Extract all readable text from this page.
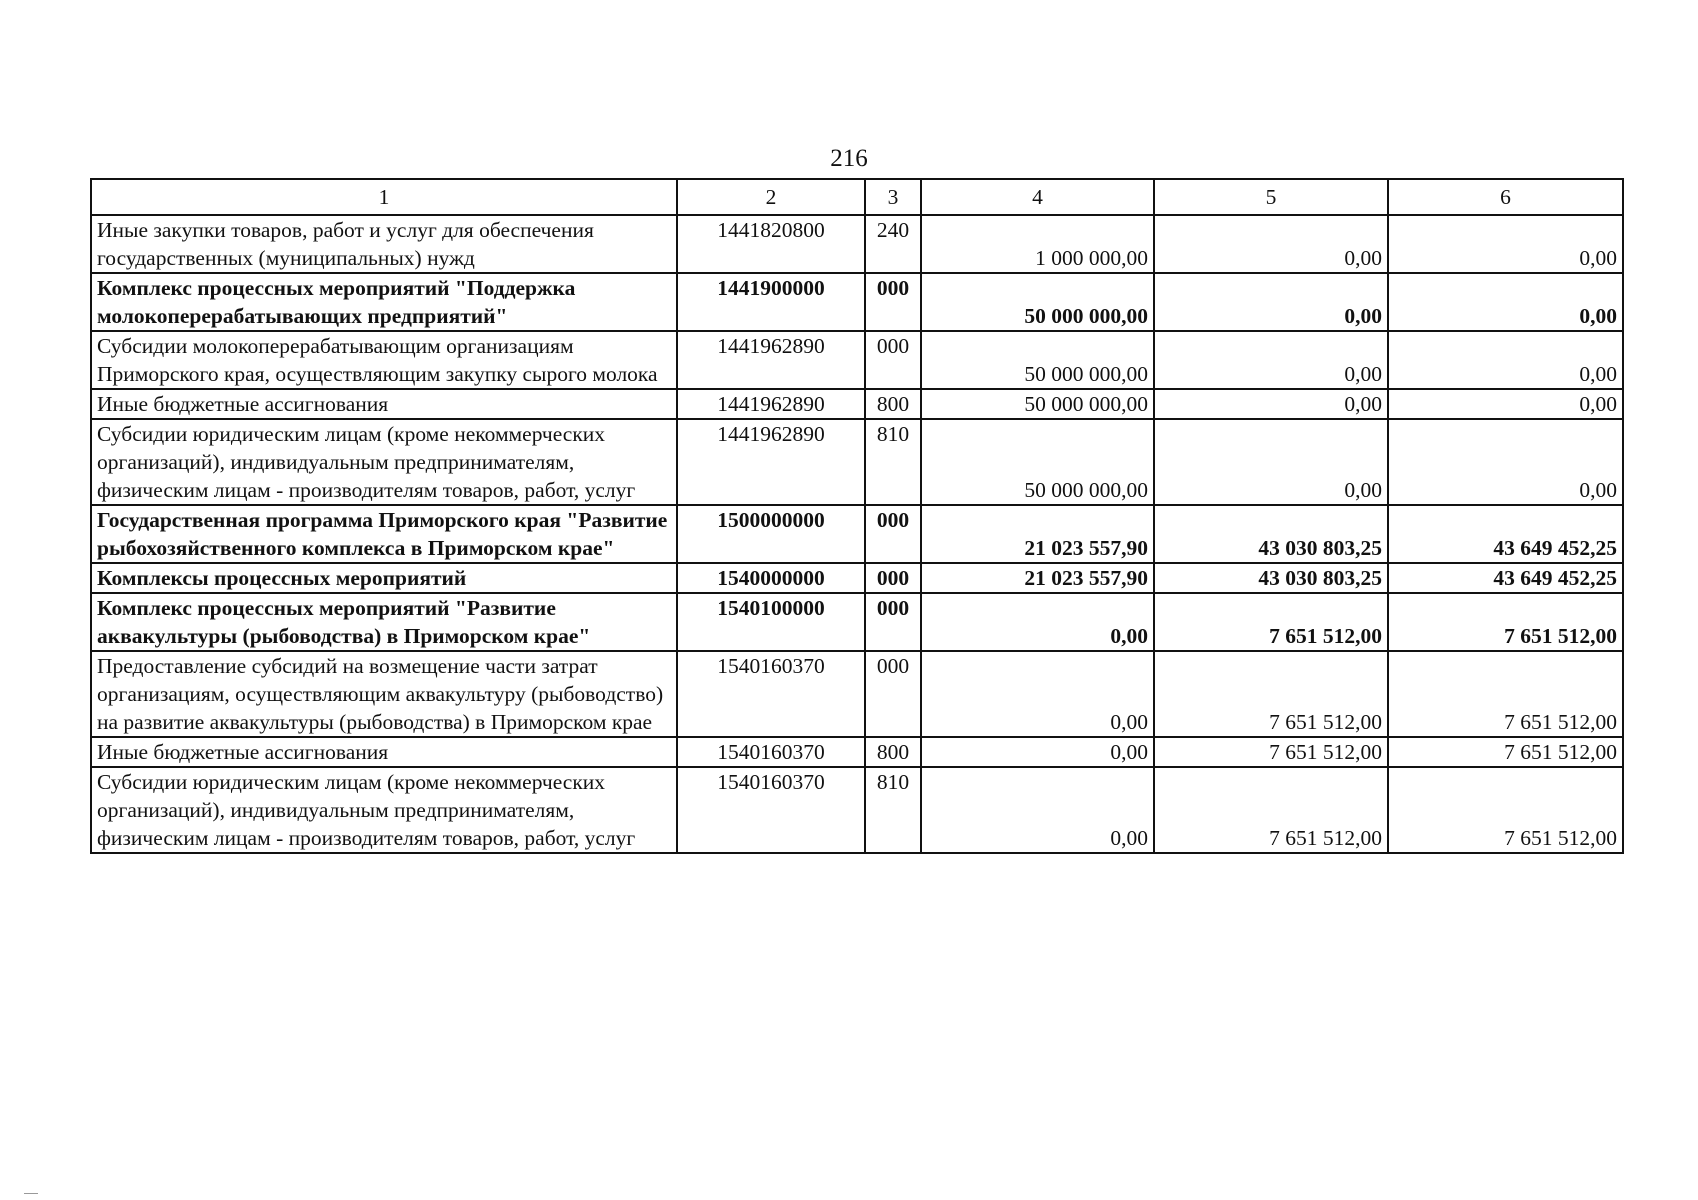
216
1	2	3	4	5	6
Иные закупки товаров, работ и услуг для обеспечения государственных (муниципальных) нужд	1441820800	240	1 000 000,00	0,00	0,00
Комплекс процессных мероприятий "Поддержка молокоперерабатывающих предприятий"	1441900000	000	50 000 000,00	0,00	0,00
Субсидии молокоперерабатывающим организациям Приморского края, осуществляющим закупку сырого молока	1441962890	000	50 000 000,00	0,00	0,00
Иные бюджетные ассигнования	1441962890	800	50 000 000,00	0,00	0,00
Субсидии юридическим лицам (кроме некоммерческих организаций), индивидуальным предпринимателям, физическим лицам - производителям товаров, работ, услуг	1441962890	810	50 000 000,00	0,00	0,00
Государственная программа Приморского края "Развитие рыбохозяйственного комплекса в Приморском крае"	1500000000	000	21 023 557,90	43 030 803,25	43 649 452,25
Комплексы процессных мероприятий	1540000000	000	21 023 557,90	43 030 803,25	43 649 452,25
Комплекс процессных мероприятий "Развитие аквакультуры (рыбоводства) в Приморском крае"	1540100000	000	0,00	7 651 512,00	7 651 512,00
Предоставление субсидий на возмещение части затрат организациям, осуществляющим аквакультуру (рыбоводство) на развитие аквакультуры (рыбоводства) в Приморском крае	1540160370	000	0,00	7 651 512,00	7 651 512,00
Иные бюджетные ассигнования	1540160370	800	0,00	7 651 512,00	7 651 512,00
Субсидии юридическим лицам (кроме некоммерческих организаций), индивидуальным предпринимателям, физическим лицам - производителям товаров, работ, услуг	1540160370	810	0,00	7 651 512,00	7 651 512,00
